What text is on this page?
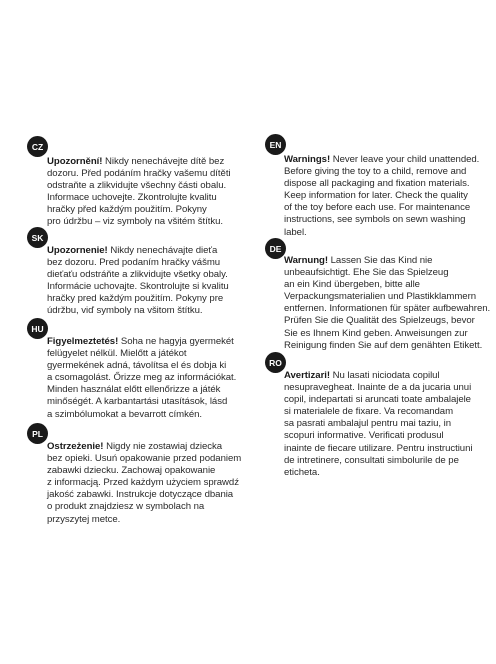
CZ
Upozornění! Nikdy nenechávejte dítě bez
dozoru. Před podáním hračky vašemu dítěti
odstraňte a zlikvidujte všechny části obalu.
Informace uchovejte. Zkontrolujte kvalitu
hračky před každým použitím. Pokyny
pro údržbu – viz symboly na všitém štítku.
SK
Upozornenie! Nikdy nenechávajte dieťa
bez dozoru. Pred podaním hračky vášmu
dieťaťu odstráňte a zlikvidujte všetky obaly.
Informácie uchovajte. Skontrolujte si kvalitu
hračky pred každým použitím. Pokyny pre
údržbu, viď symboly na všitom štítku.
HU
Figyelmeztetés! Soha ne hagyja gyermekét
felügyelet nélkül. Mielőtt a játékot
gyermekének adná, távolítsa el és dobja ki
a csomagolást. Őrizze meg az információkat.
Minden használat előtt ellenőrizze a játék
minőségét. A karbantartási utasítások, lásd
a szimbólumokat a bevarrott címkén.
PL
Ostrzeżenie! Nigdy nie zostawiaj dziecka
bez opieki. Usuń opakowanie przed podaniem
zabawki dziecku. Zachowaj opakowanie
z informacją. Przed każdym użyciem sprawdź
jakość zabawki. Instrukcje dotyczące dbania
o produkt znajdziesz w symbolach na
przyszytej metce.
EN
Warnings! Never leave your child unattended.
Before giving the toy to a child, remove and
dispose all packaging and fixation materials.
Keep information for later. Check the quality
of the toy before each use. For maintenance
instructions, see symbols on sewn washing
label.
DE
Warnung! Lassen Sie das Kind nie
unbeaufsichtigt. Ehe Sie das Spielzeug
an ein Kind übergeben, bitte alle
Verpackungsmaterialien und Plastikklammern
entfernen. Informationen für später aufbewahren.
Prüfen Sie die Qualität des Spielzeugs, bevor
Sie es Ihnem Kind geben. Anweisungen zur
Reinigung finden Sie auf dem genähten Etikett.
RO
Avertizari! Nu lasati niciodata copilul
nesupravegheat. Inainte de a da jucaria unui
copil, indepartati si aruncati toate ambalajele
si materialele de fixare. Va recomandam
sa pasrati ambalajul pentru mai taziu, in
scopuri informative. Verificati produsul
inainte de fiecare utilizare. Pentru instructiuni
de intretinere, consultati simbolurile de pe
eticheta.
